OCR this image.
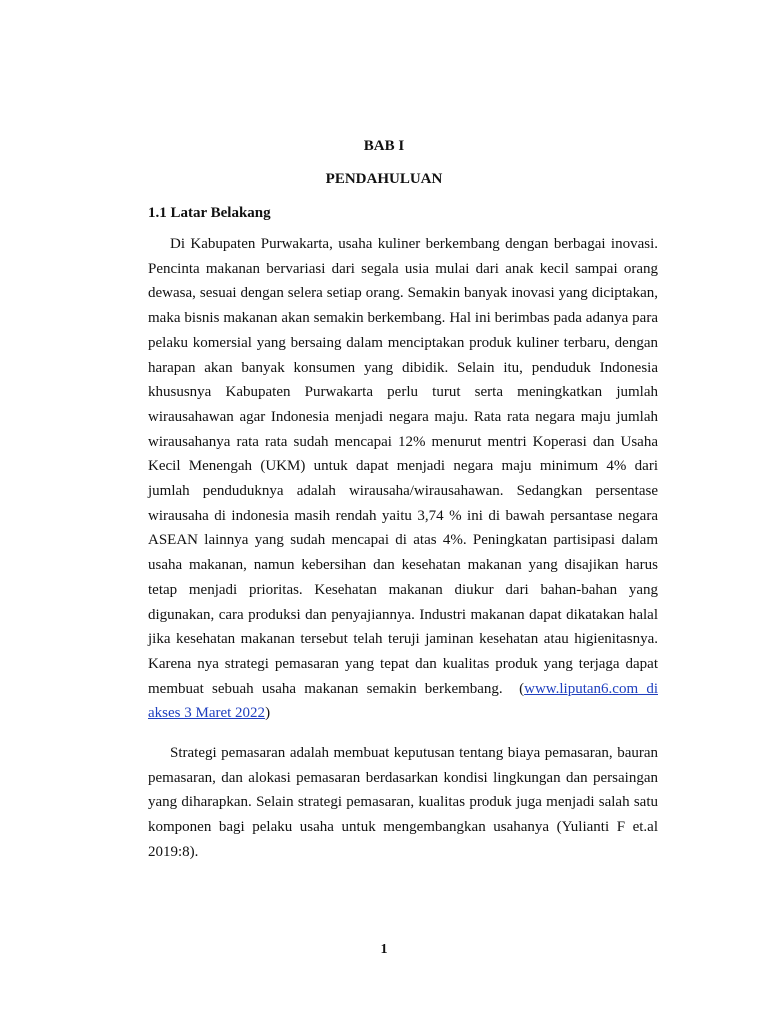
BAB I
PENDAHULUAN
1.1 Latar Belakang

Di Kabupaten Purwakarta, usaha kuliner berkembang dengan berbagai inovasi. Pencinta makanan bervariasi dari segala usia mulai dari anak kecil sampai orang dewasa, sesuai dengan selera setiap orang. Semakin banyak inovasi yang diciptakan, maka bisnis makanan akan semakin berkembang. Hal ini berimbas pada adanya para pelaku komersial yang bersaing dalam menciptakan produk kuliner terbaru, dengan harapan akan banyak konsumen yang dibidik. Selain itu, penduduk Indonesia khususnya Kabupaten Purwakarta perlu turut serta meningkatkan jumlah wirausahawan agar Indonesia menjadi negara maju. Rata rata negara maju jumlah wirausahanya rata rata sudah mencapai 12% menurut mentri Koperasi dan Usaha Kecil Menengah (UKM) untuk dapat menjadi negara maju minimum 4% dari jumlah penduduknya adalah wirausaha/wirausahawan. Sedangkan persentase wirausaha di indonesia masih rendah yaitu 3,74 % ini di bawah persantase negara ASEAN lainnya yang sudah mencapai di atas 4%. Peningkatan partisipasi dalam usaha makanan, namun kebersihan dan kesehatan makanan yang disajikan harus tetap menjadi prioritas. Kesehatan makanan diukur dari bahan-bahan yang digunakan, cara produksi dan penyajiannya. Industri makanan dapat dikatakan halal jika kesehatan makanan tersebut telah teruji jaminan kesehatan atau higienitasnya. Karena nya strategi pemasaran yang tepat dan kualitas produk yang terjaga dapat membuat sebuah usaha makanan semakin berkembang. (www.liputan6.com di akses 3 Maret 2022)

Strategi pemasaran adalah membuat keputusan tentang biaya pemasaran, bauran pemasaran, dan alokasi pemasaran berdasarkan kondisi lingkungan dan persaingan yang diharapkan. Selain strategi pemasaran, kualitas produk juga menjadi salah satu komponen bagi pelaku usaha untuk mengembangkan usahanya (Yulianti F et.al 2019:8).

1
